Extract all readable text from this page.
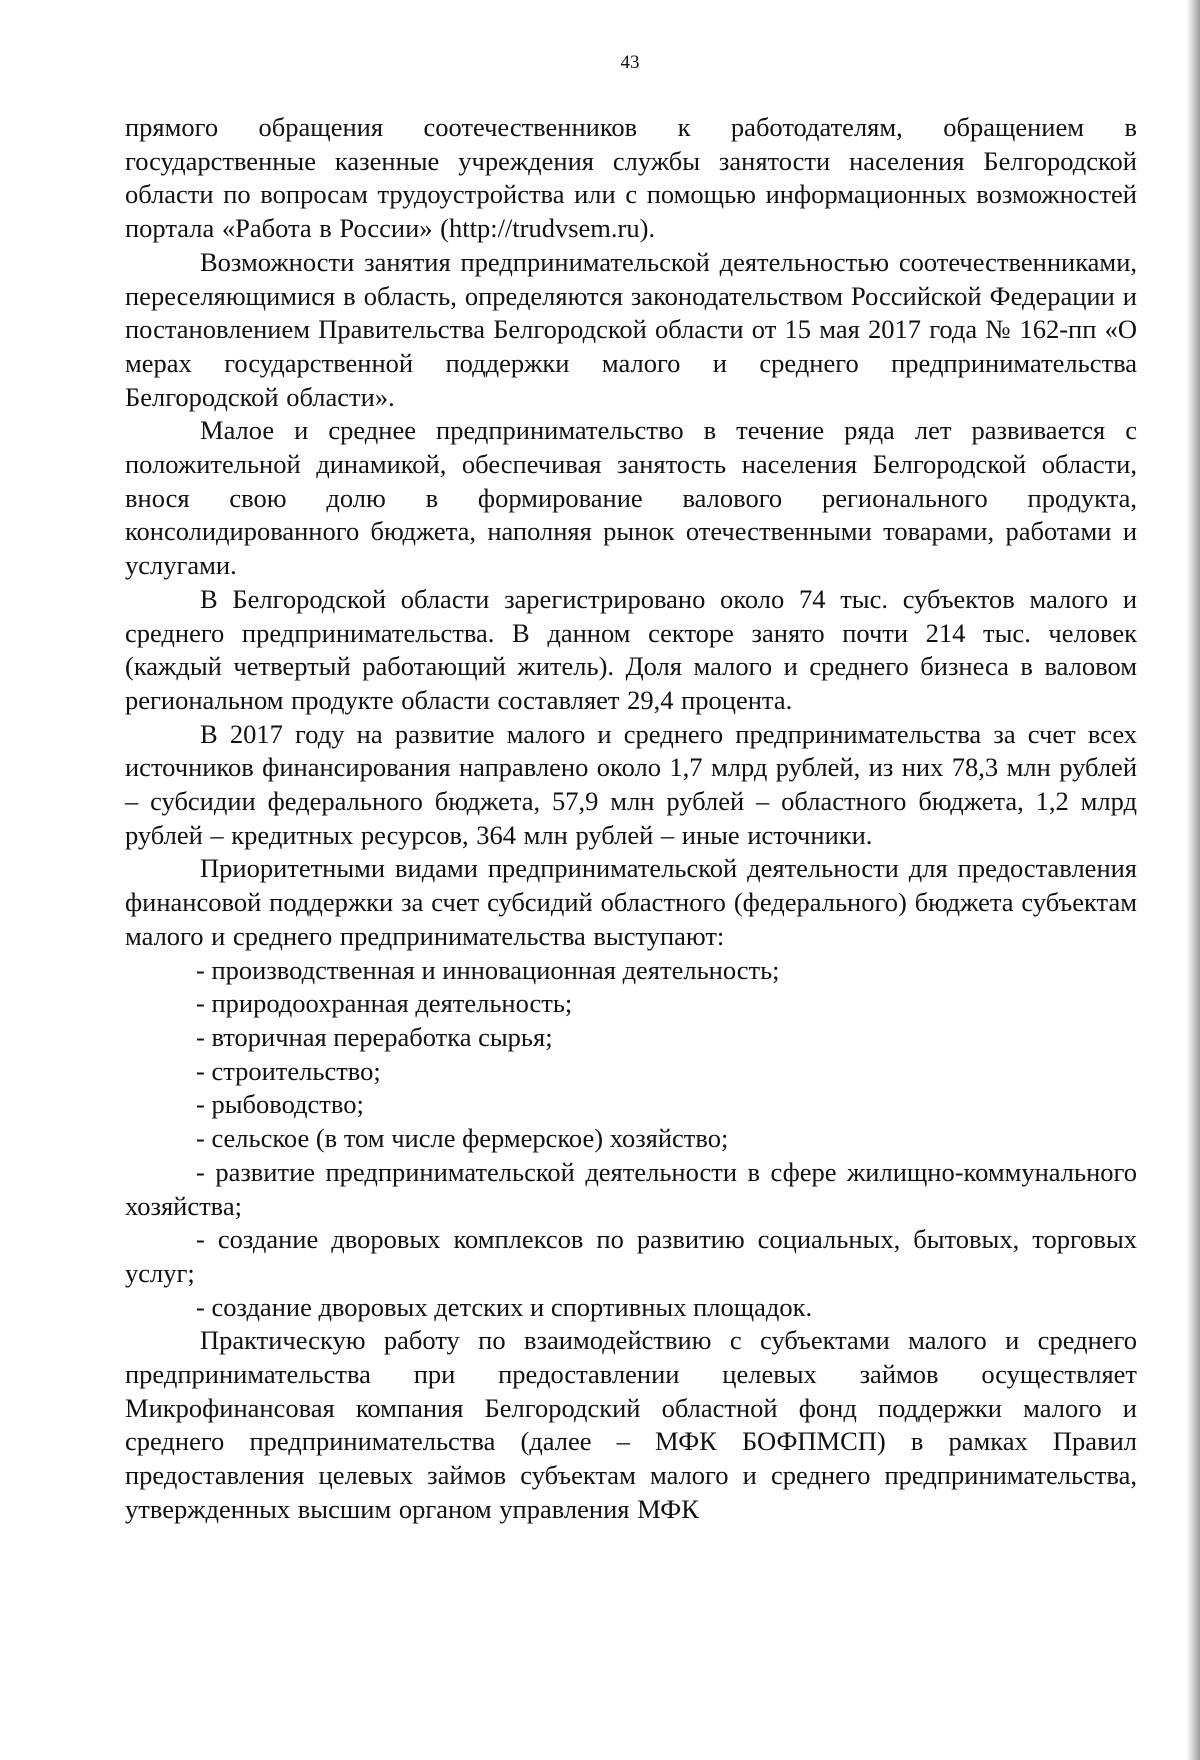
43

прямого обращения соотечественников к работодателям, обращением в государственные казенные учреждения службы занятости населения Белгородской области по вопросам трудоустройства или с помощью информационных возможностей портала «Работа в России» (http://trudvsem.ru).

Возможности занятия предпринимательской деятельностью соотечественниками, переселяющимися в область, определяются законодательством Российской Федерации и постановлением Правительства Белгородской области от 15 мая 2017 года № 162-пп «О мерах государственной поддержки малого и среднего предпринимательства Белгородской области».

Малое и среднее предпринимательство в течение ряда лет развивается с положительной динамикой, обеспечивая занятость населения Белгородской области, внося свою долю в формирование валового регионального продукта, консолидированного бюджета, наполняя рынок отечественными товарами, работами и услугами.

В Белгородской области зарегистрировано около 74 тыс. субъектов малого и среднего предпринимательства. В данном секторе занято почти 214 тыс. человек (каждый четвертый работающий житель). Доля малого и среднего бизнеса в валовом региональном продукте области составляет 29,4 процента.

В 2017 году на развитие малого и среднего предпринимательства за счет всех источников финансирования направлено около 1,7 млрд рублей, из них 78,3 млн рублей – субсидии федерального бюджета, 57,9 млн рублей – областного бюджета, 1,2 млрд рублей – кредитных ресурсов, 364 млн рублей – иные источники.

Приоритетными видами предпринимательской деятельности для предоставления финансовой поддержки за счет субсидий областного (федерального) бюджета субъектам малого и среднего предпринимательства выступают:

- производственная и инновационная деятельность;
- природоохранная деятельность;
- вторичная переработка сырья;
- строительство;
- рыбоводство;
- сельское (в том числе фермерское) хозяйство;
- развитие предпринимательской деятельности в сфере жилищно-коммунального хозяйства;
- создание дворовых комплексов по развитию социальных, бытовых, торговых услуг;
- создание дворовых детских и спортивных площадок.

Практическую работу по взаимодействию с субъектами малого и среднего предпринимательства при предоставлении целевых займов осуществляет Микрофинансовая компания Белгородский областной фонд поддержки малого и среднего предпринимательства (далее – МФК БОФПМСП) в рамках Правил предоставления целевых займов субъектам малого и среднего предпринимательства, утвержденных высшим органом управления МФК
